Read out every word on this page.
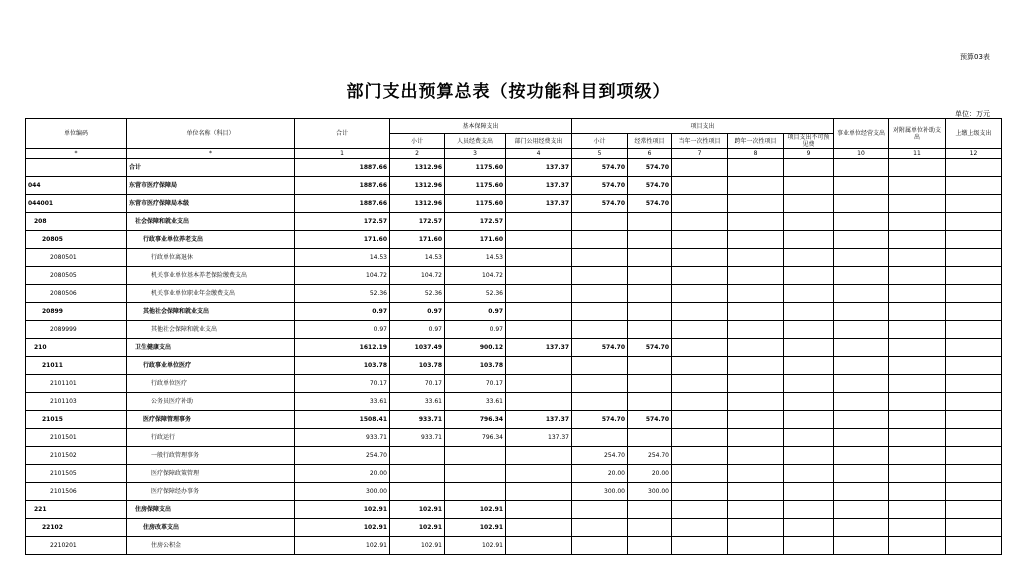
预算03表
部门支出预算总表（按功能科目到项级）
单位：万元
单位编码	单位名称（科目）	合计	基本保障支出			项目支出					事业单位经营支出	对附属单位补助支出	上缴上级支出
			小计	人员经费支出	部门公用经费支出	小计	经常性项目	当年一次性项目	跨年一次性项目	项目支出不可预见费			
*	*	1	2	3	4	5	6	7	8	9	10	11	12
	合计	1887.66	1312.96	1175.60	137.37	574.70	574.70						
044	东营市医疗保障局	1887.66	1312.96	1175.60	137.37	574.70	574.70						
044001	东营市医疗保障局本级	1887.66	1312.96	1175.60	137.37	574.70	574.70						
208	社会保障和就业支出	172.57	172.57	172.57									
20805	行政事业单位养老支出	171.60	171.60	171.60									
2080501	行政单位离退休	14.53	14.53	14.53									
2080505	机关事业单位基本养老保险缴费支出	104.72	104.72	104.72									
2080506	机关事业单位职业年金缴费支出	52.36	52.36	52.36									
20899	其他社会保障和就业支出	0.97	0.97	0.97									
2089999	其他社会保障和就业支出	0.97	0.97	0.97									
210	卫生健康支出	1612.19	1037.49	900.12	137.37	574.70	574.70						
21011	行政事业单位医疗	103.78	103.78	103.78									
2101101	行政单位医疗	70.17	70.17	70.17									
2101103	公务员医疗补助	33.61	33.61	33.61									
21015	医疗保障管理事务	1508.41	933.71	796.34	137.37	574.70	574.70						
2101501	行政运行	933.71	933.71	796.34	137.37								
2101502	一般行政管理事务	254.70				254.70	254.70						
2101505	医疗保障政策管理	20.00				20.00	20.00						
2101506	医疗保障经办事务	300.00				300.00	300.00						
221	住房保障支出	102.91	102.91	102.91									
22102	住房改革支出	102.91	102.91	102.91									
2210201	住房公积金	102.91	102.91	102.91									
